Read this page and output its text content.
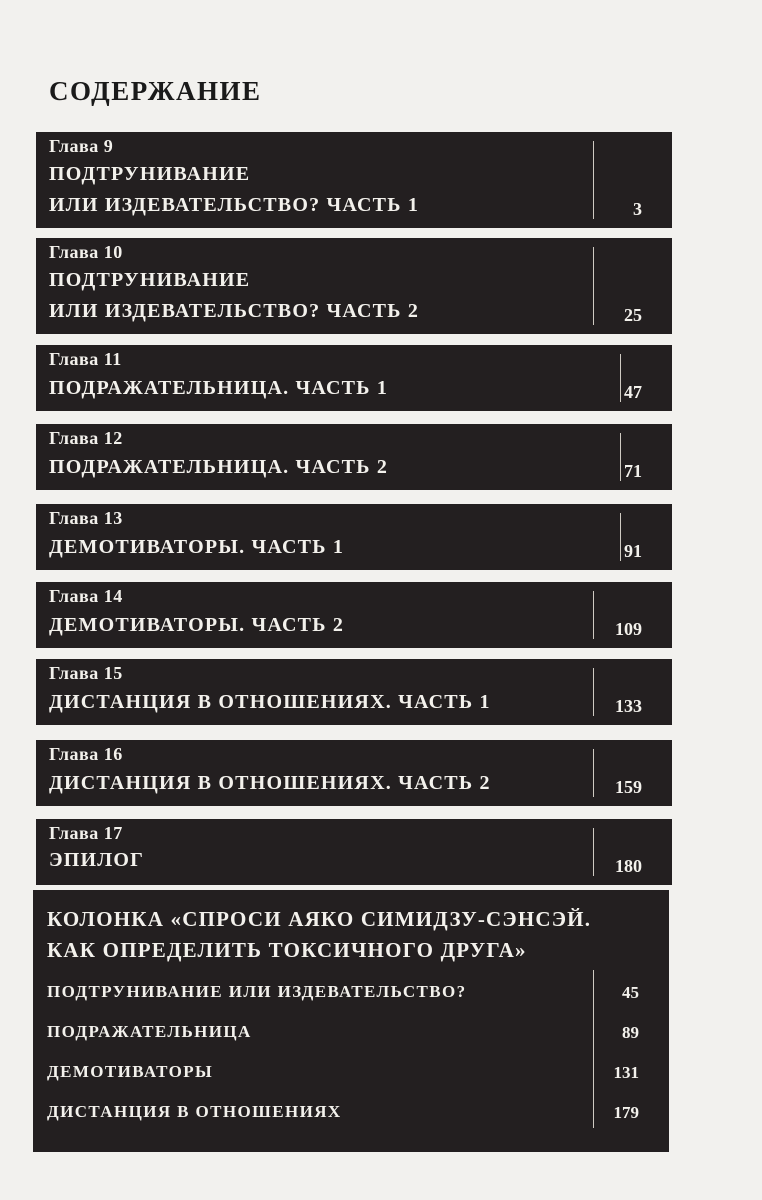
СОДЕРЖАНИЕ
Глава 9
ПОДТРУНИВАНИЕ
ИЛИ ИЗДЕВАТЕЛЬСТВО? ЧАСТЬ 1	3
Глава 10
ПОДТРУНИВАНИЕ
ИЛИ ИЗДЕВАТЕЛЬСТВО? ЧАСТЬ 2	25
Глава 11
ПОДРАЖАТЕЛЬНИЦА. ЧАСТЬ 1	47
Глава 12
ПОДРАЖАТЕЛЬНИЦА. ЧАСТЬ 2	71
Глава 13
ДЕМОТИВАТОРЫ. ЧАСТЬ 1	91
Глава 14
ДЕМОТИВАТОРЫ. ЧАСТЬ 2	109
Глава 15
ДИСТАНЦИЯ В ОТНОШЕНИЯХ. ЧАСТЬ 1	133
Глава 16
ДИСТАНЦИЯ В ОТНОШЕНИЯХ. ЧАСТЬ 2	159
Глава 17
ЭПИЛОГ	180
КОЛОНКА «СПРОСИ АЯКО СИМИДЗУ-СЭНСЭЙ.
КАК ОПРЕДЕЛИТЬ ТОКСИЧНОГО ДРУГА»
ПОДТРУНИВАНИЕ ИЛИ ИЗДЕВАТЕЛЬСТВО?	45
ПОДРАЖАТЕЛЬНИЦА	89
ДЕМОТИВАТОРЫ	131
ДИСТАНЦИЯ В ОТНОШЕНИЯХ	179
